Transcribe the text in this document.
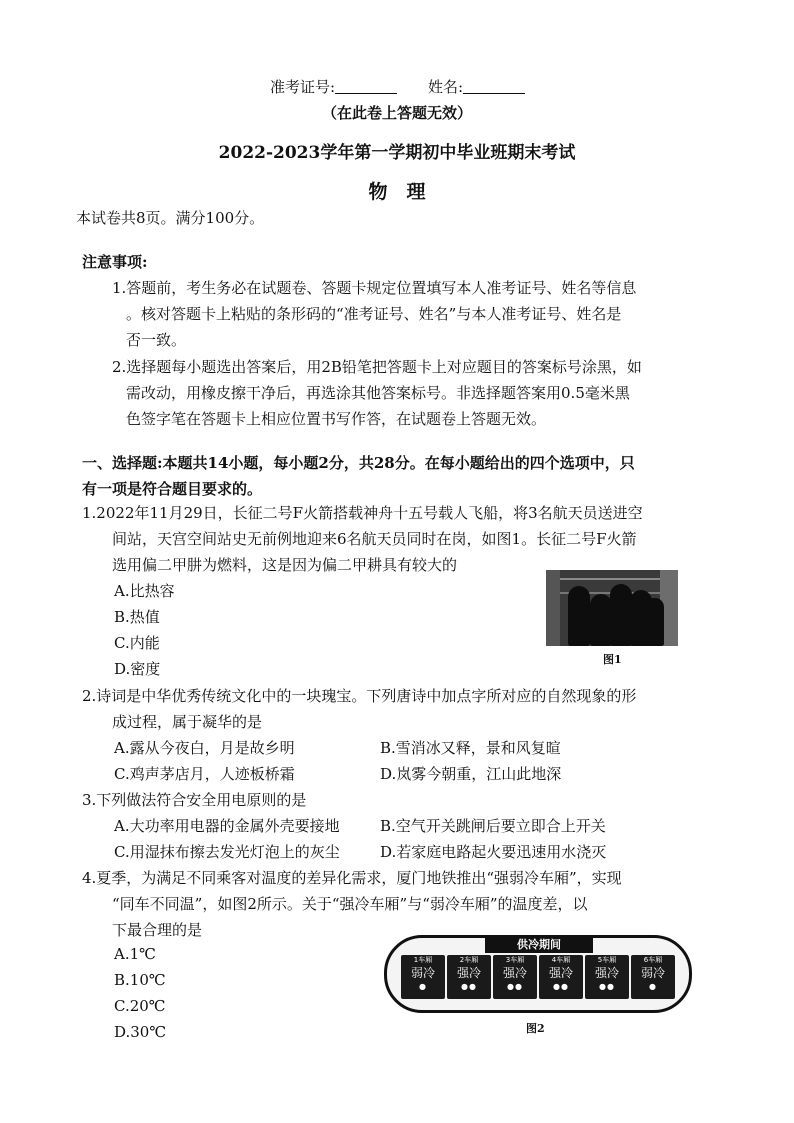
准考证号:	姓名:
（在此卷上答题无效）
2022-2023学年第一学期初中毕业班期末考试
物　理
本试卷共8页。满分100分。
注意事项:
1.答题前，考生务必在试题卷、答题卡规定位置填写本人准考证号、姓名等信息
。核对答题卡上粘贴的条形码的“准考证号、姓名”与本人准考证号、姓名是
否一致。
2.选择题每小题选出答案后，用2B铅笔把答题卡上对应题目的答案标号涂黑，如
需改动，用橡皮擦干净后，再选涂其他答案标号。非选择题答案用0.5毫米黑
色签字笔在答题卡上相应位置书写作答，在试题卷上答题无效。
一、选择题:本题共14小题，每小题2分，共28分。在每小题给出的四个选项中，只
有一项是符合题目要求的。
1.2022年11月29日，长征二号F火箭搭载神舟十五号载人飞船，将3名航天员送进空
间站，天宫空间站史无前例地迎来6名航天员同时在岗，如图1。长征二号F火箭
选用偏二甲肼为燃料，这是因为偏二甲耕具有较大的
A.比热容
B.热值
C.内能
D.密度
图1
2.诗词是中华优秀传统文化中的一块瑰宝。下列唐诗中加点字所对应的自然现象的形
成过程，属于凝华的是
A.露从今夜白，月是故乡明	B.雪消冰又释，景和风复暄
C.鸡声茅店月，人迹板桥霜	D.岚雾今朝重，江山此地深
3.下列做法符合安全用电原则的是
A.大功率用电器的金属外壳要接地	B.空气开关跳闸后要立即合上开关
C.用湿抹布擦去发光灯泡上的灰尘	D.若家庭电路起火要迅速用水浇灭
4.夏季，为满足不同乘客对温度的差异化需求，厦门地铁推出“强弱冷车厢”，实现
“同车不同温”，如图2所示。关于“强冷车厢”与“弱冷车厢”的温度差，以
下最合理的是
A.1℃
B.10℃
C.20℃
D.30℃
供冷期间
1车厢
弱冷
●
2车厢
强冷
●●
3车厢
强冷
●●
4车厢
强冷
●●
5车厢
强冷
●●
6车厢
弱冷
●
图2
